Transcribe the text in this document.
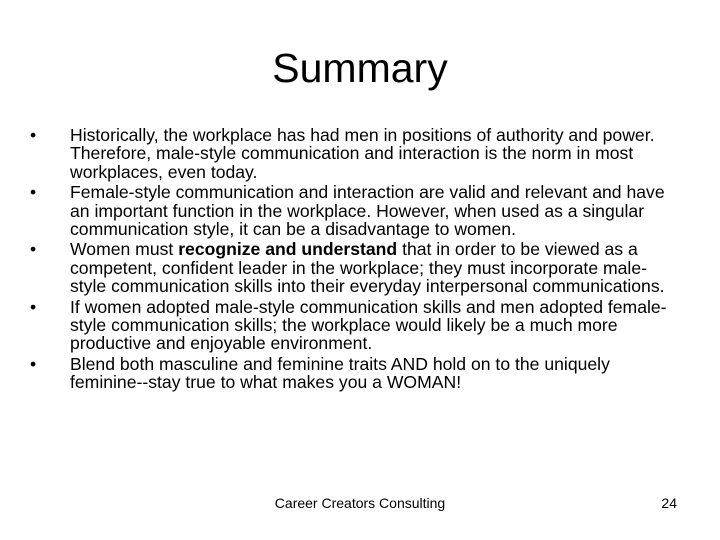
Summary
•	Historically, the workplace has had men in positions of authority and power. Therefore, male-style communication and interaction is the norm in most workplaces, even today.
•	Female-style communication and interaction are valid and relevant and have an important function in the workplace. However, when used as a singular communication style, it can be a disadvantage to women.
•	Women must recognize and understand that in order to be viewed as a competent, confident leader in the workplace; they must incorporate male-style communication skills into their everyday interpersonal communications.
•	If women adopted male-style communication skills and men adopted female-style communication skills; the workplace would likely be a much more productive and enjoyable environment.
•	Blend both masculine and feminine traits AND hold on to the uniquely feminine--stay true to what makes you a WOMAN!
Career Creators Consulting	24
